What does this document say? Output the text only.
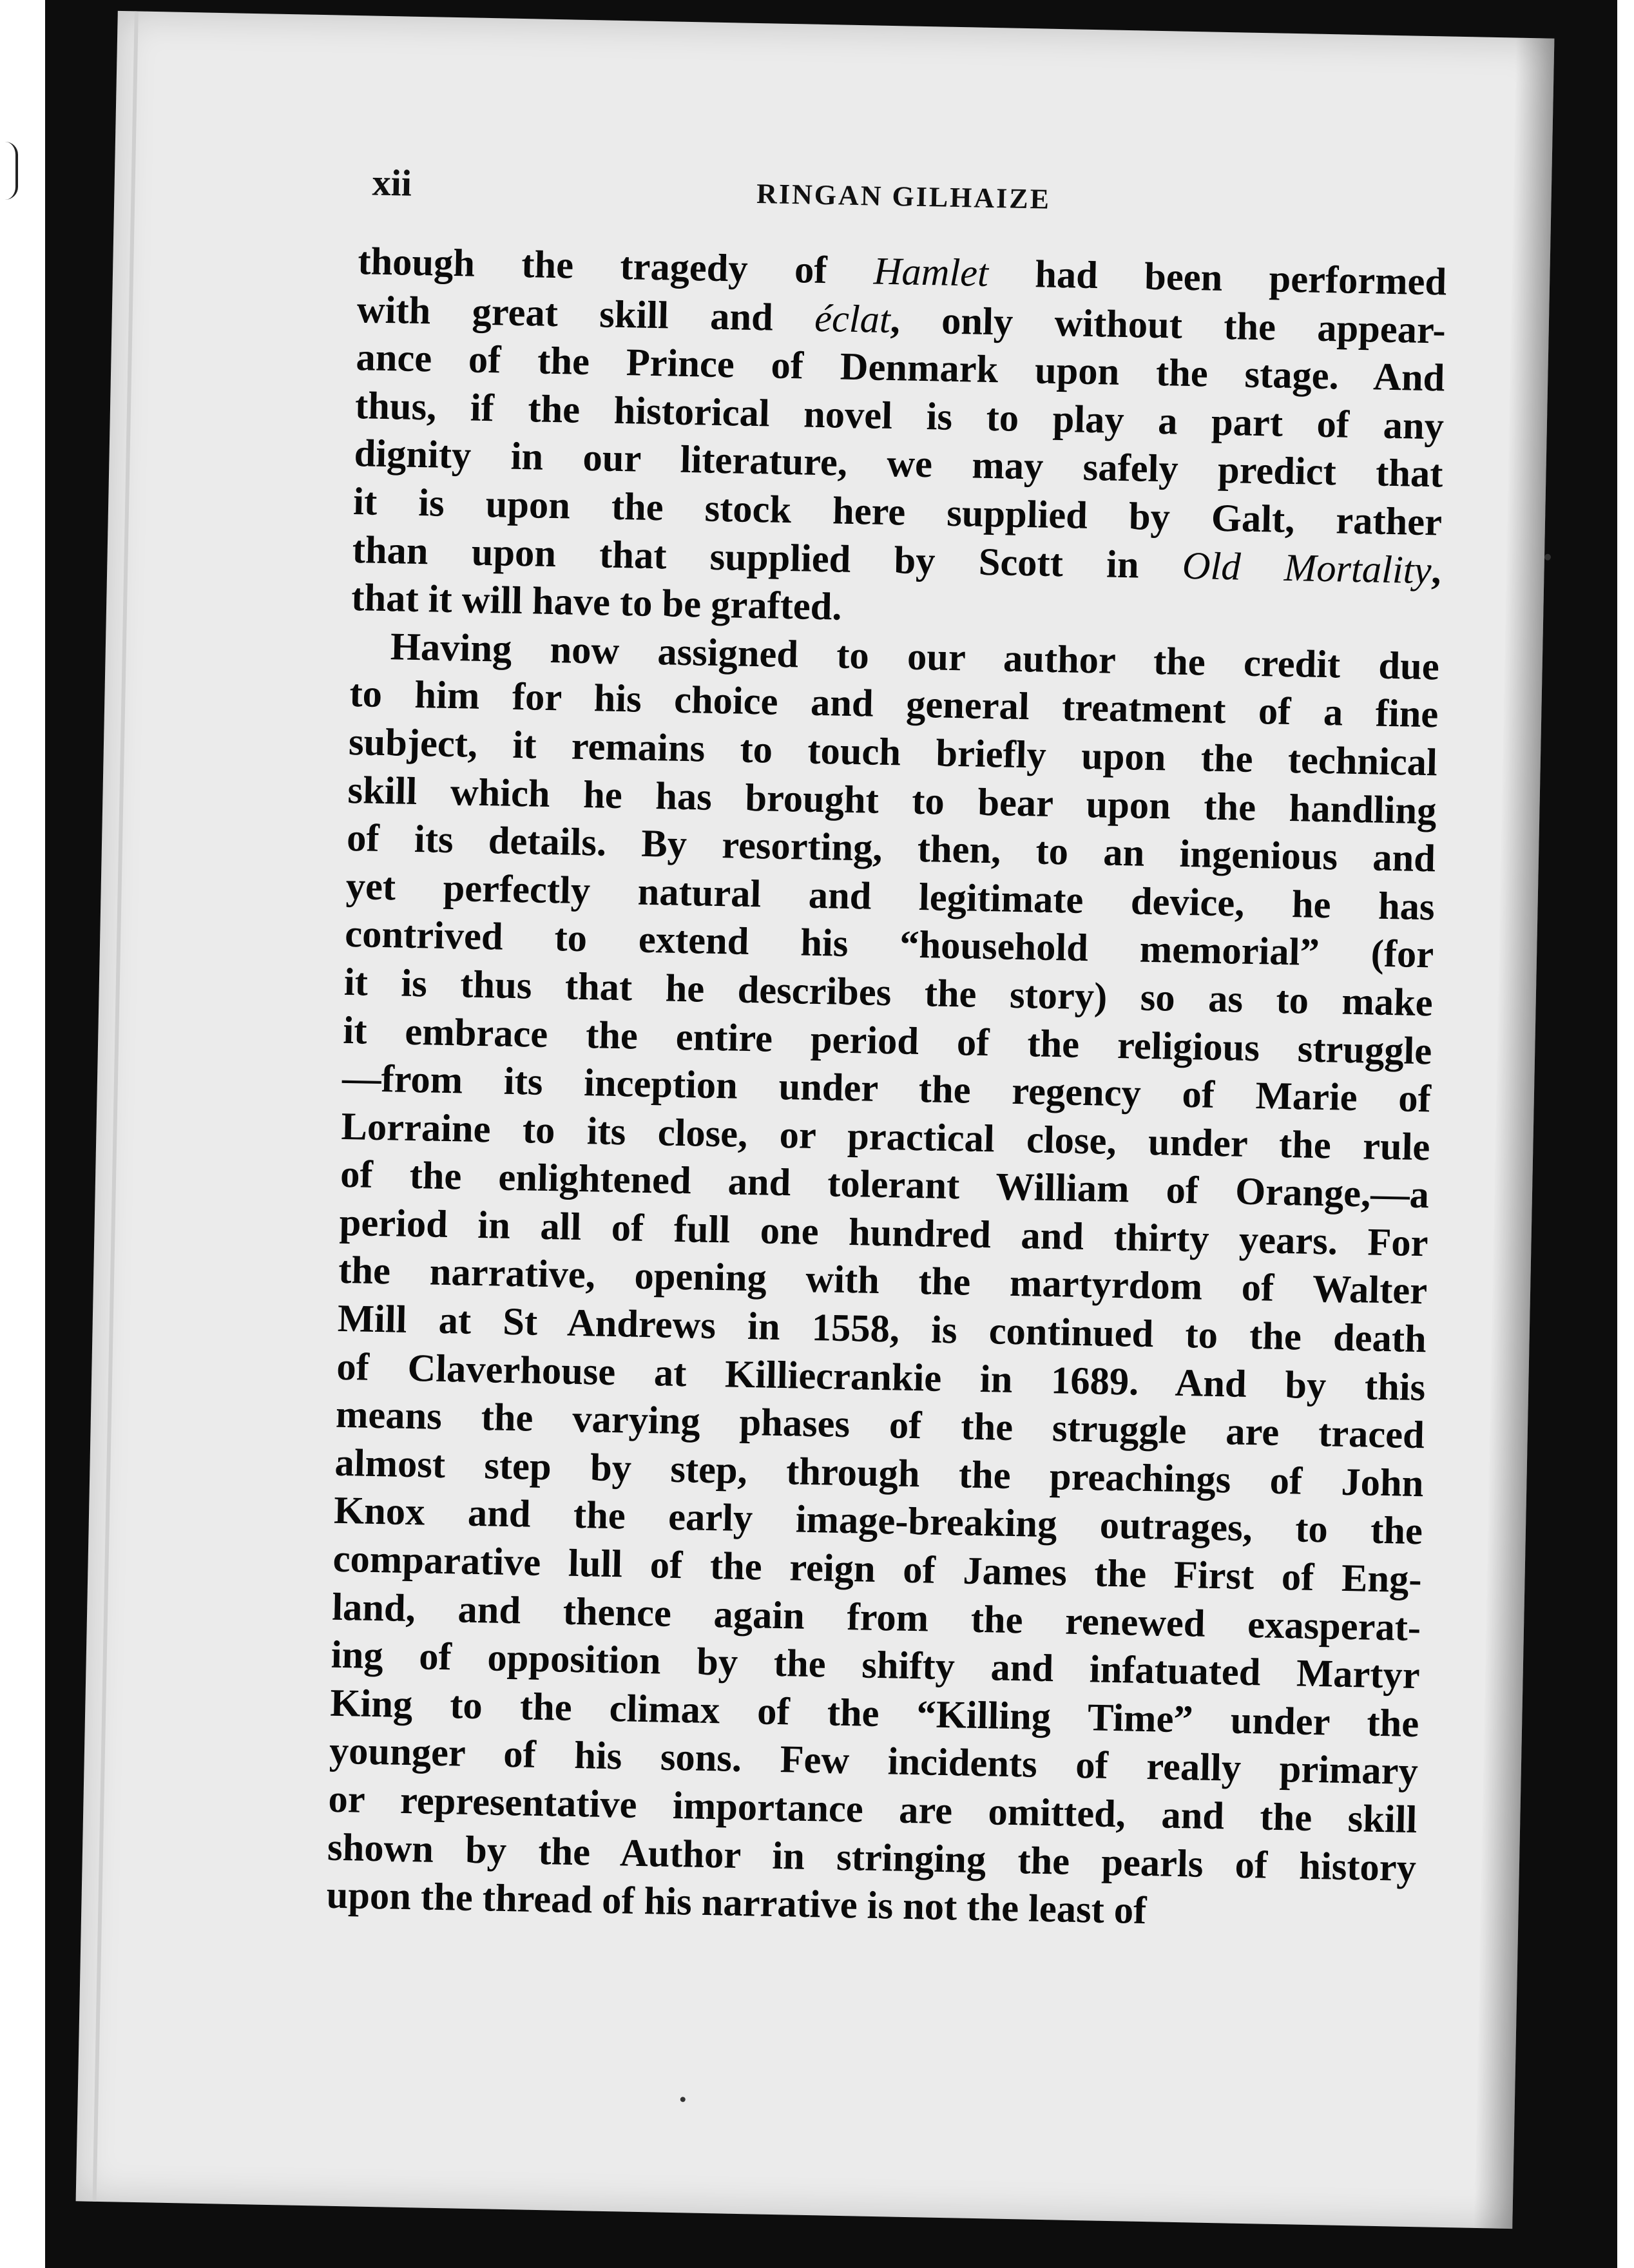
xii	RINGAN GILHAIZE
though the tragedy of Hamlet had been performed
with great skill and éclat, only without the appear-
ance of the Prince of Denmark upon the stage. And
thus, if the historical novel is to play a part of any
dignity in our literature, we may safely predict that
it is upon the stock here supplied by Galt, rather
than upon that supplied by Scott in Old Mortality,
that it will have to be grafted.
Having now assigned to our author the credit due
to him for his choice and general treatment of a fine
subject, it remains to touch briefly upon the technical
skill which he has brought to bear upon the handling
of its details. By resorting, then, to an ingenious and
yet perfectly natural and legitimate device, he has
contrived to extend his “household memorial” (for
it is thus that he describes the story) so as to make
it embrace the entire period of the religious struggle
—from its inception under the regency of Marie of
Lorraine to its close, or practical close, under the rule
of the enlightened and tolerant William of Orange,—a
period in all of full one hundred and thirty years. For
the narrative, opening with the martyrdom of Walter
Mill at St Andrews in 1558, is continued to the death
of Claverhouse at Killiecrankie in 1689. And by this
means the varying phases of the struggle are traced
almost step by step, through the preachings of John
Knox and the early image-breaking outrages, to the
comparative lull of the reign of James the First of Eng-
land, and thence again from the renewed exasperat-
ing of opposition by the shifty and infatuated Martyr
King to the climax of the “Killing Time” under the
younger of his sons. Few incidents of really primary
or representative importance are omitted, and the skill
shown by the Author in stringing the pearls of history
upon the thread of his narrative is not the least of
